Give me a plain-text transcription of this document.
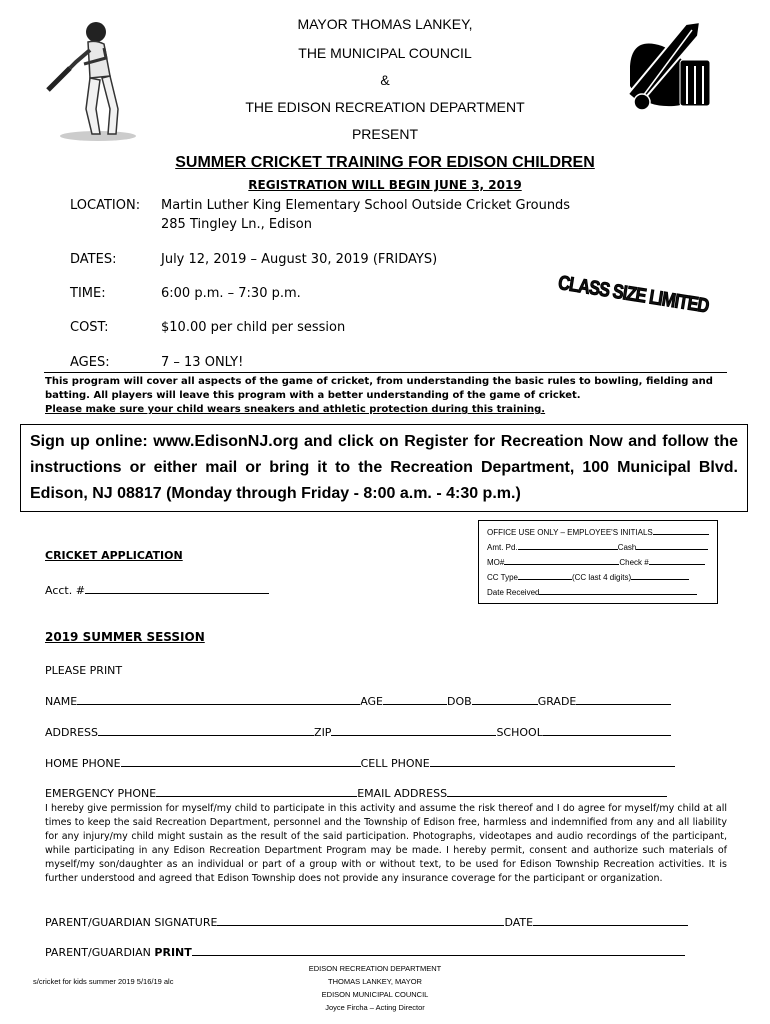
MAYOR THOMAS LANKEY,
THE MUNICIPAL COUNCIL
&
THE EDISON RECREATION DEPARTMENT
PRESENT
SUMMER CRICKET TRAINING FOR EDISON CHILDREN
REGISTRATION WILL BEGIN JUNE 3, 2019
CLASS SIZE LIMITED
LOCATION: Martin Luther King Elementary School Outside Cricket Grounds
285 Tingley Ln., Edison
DATES:	July 12, 2019 – August 30, 2019 (FRIDAYS)
TIME:	6:00 p.m. – 7:30 p.m.
COST:	$10.00 per child per session
AGES:	7 – 13 ONLY!
This program will cover all aspects of the game of cricket, from understanding the basic rules to bowling, fielding and batting. All players will leave this program with a better understanding of the game of cricket.
Please make sure your child wears sneakers and athletic protection during this training.
Sign up online: www.EdisonNJ.org and click on Register for Recreation Now and follow the instructions or either mail or bring it to the Recreation Department, 100 Municipal Blvd. Edison, NJ 08817 (Monday through Friday - 8:00 a.m. - 4:30 p.m.)
OFFICE USE ONLY – EMPLOYEE'S INITIALS
Amt. Pd.	Cash
MO#	Check #
CC Type	(CC last 4 digits)
Date Received
CRICKET APPLICATION
Acct. #
2019 SUMMER SESSION
PLEASE PRINT
NAME	AGE	DOB	GRADE
ADDRESS	ZIP	SCHOOL
HOME PHONE	CELL PHONE
EMERGENCY PHONE	EMAIL ADDRESS
I hereby give permission for myself/my child to participate in this activity and assume the risk thereof and I do agree for myself/my child at all times to keep the said Recreation Department, personnel and the Township of Edison free, harmless and indemnified from any and all liability for any injury/my child might sustain as the result of the said participation. Photographs, videotapes and audio recordings of the participant, while participating in any Edison Recreation Department Program may be made. I hereby permit, consent and authorize such materials of myself/my son/daughter as an individual or part of a group with or without text, to be used for Edison Township Recreation activities. It is further understood and agreed that Edison Township does not provide any insurance coverage for the participant or organization.
PARENT/GUARDIAN SIGNATURE	DATE
PARENT/GUARDIAN PRINT
s/cricket for kids summer 2019 5/16/19 alc
EDISON RECREATION DEPARTMENT
THOMAS LANKEY, MAYOR
EDISON MUNICIPAL COUNCIL
Joyce Fircha – Acting Director
